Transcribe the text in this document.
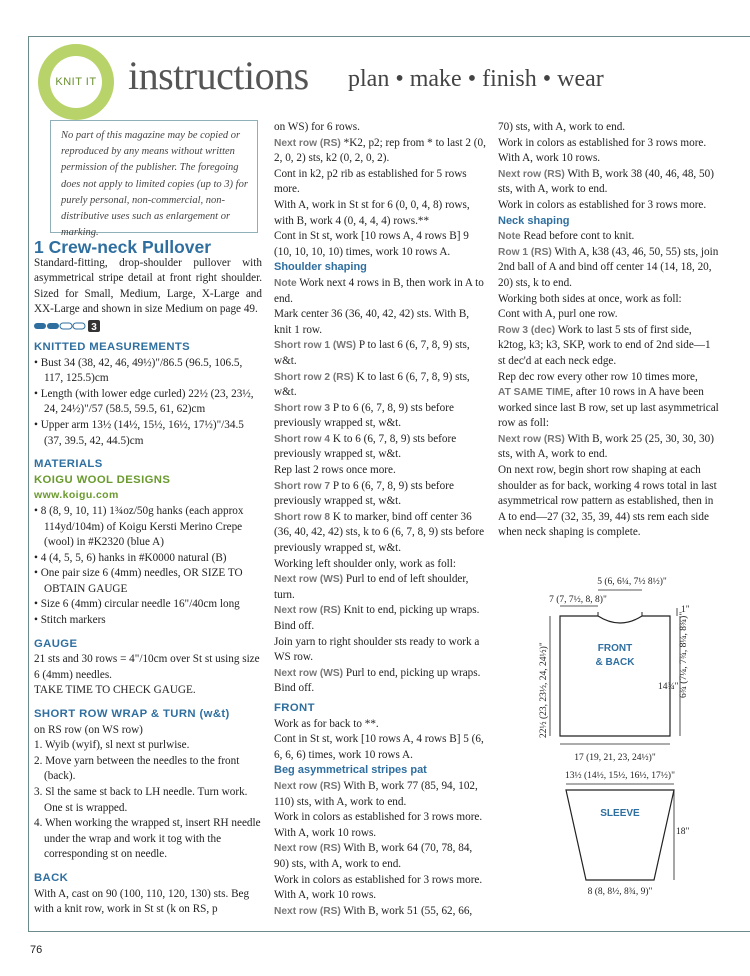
KNIT IT instructions plan • make • finish • wear
No part of this magazine may be copied or reproduced by any means without written permission of the publisher. The foregoing does not apply to limited copies (up to 3) for purely personal, non-commercial, non-distributive uses such as enlargement or marking.
1 Crew-neck Pullover

Standard-fitting, drop-shoulder pullover with asymmetrical stripe detail at front right shoulder. Sized for Small, Medium, Large, X-Large and XX-Large and shown in size Medium on page 49.

3
KNITTED MEASUREMENTS

• Bust 34 (38, 42, 46, 49½)"/86.5 (96.5, 106.5, 117, 125.5)cm

• Length (with lower edge curled) 22½ (23, 23½, 24, 24½)"/57 (58.5, 59.5, 61, 62)cm

• Upper arm 13½ (14½, 15½, 16½, 17½)"/34.5 (37, 39.5, 42, 44.5)cm

MATERIALS
KOIGU WOOL DESIGNS
www.koigu.com

• 8 (8, 9, 10, 11) 1¾oz/50g hanks (each approx 114yd/104m) of Koigu Kersti Merino Crepe (wool) in #K2320 (blue A)

• 4 (4, 5, 5, 6) hanks in #K0000 natural (B)

• One pair size 6 (4mm) needles, OR SIZE TO OBTAIN GAUGE

• Size 6 (4mm) circular needle 16"/40cm long

• Stitch markers

GAUGE

21 sts and 30 rows = 4"/10cm over St st using size 6 (4mm) needles.

TAKE TIME TO CHECK GAUGE.

SHORT ROW WRAP & TURN (w&t)

on RS row (on WS row)

1. Wyib (wyif), sl next st purlwise.

2. Move yarn between the needles to the front (back).

3. Sl the same st back to LH needle. Turn work. One st is wrapped.

4. When working the wrapped st, insert RH needle under the wrap and work it tog with the corresponding st on needle.

BACK

With A, cast on 90 (100, 110, 120, 130) sts. Beg with a knit row, work in St st (k on RS, p

on WS) for 6 rows.

Next row (RS) *K2, p2; rep from * to last 2 (0, 2, 0, 2) sts, k2 (0, 2, 0, 2).

Cont in k2, p2 rib as established for 5 rows more.

With A, work in St st for 6 (0, 0, 4, 8) rows, with B, work 4 (0, 4, 4, 4) rows.**

Cont in St st, work [10 rows A, 4 rows B] 9 (10, 10, 10, 10) times, work 10 rows A.

Shoulder shaping

Note Work next 4 rows in B, then work in A to end.

Mark center 36 (36, 40, 42, 42) sts. With B, knit 1 row.

Short row 1 (WS) P to last 6 (6, 7, 8, 9) sts, w&t.

Short row 2 (RS) K to last 6 (6, 7, 8, 9) sts, w&t.

Short row 3 P to 6 (6, 7, 8, 9) sts before previously wrapped st, w&t.

Short row 4 K to 6 (6, 7, 8, 9) sts before previously wrapped st, w&t.

Rep last 2 rows once more.

Short row 7 P to 6 (6, 7, 8, 9) sts before previously wrapped st, w&t.

Short row 8 K to marker, bind off center 36 (36, 40, 42, 42) sts, k to 6 (6, 7, 8, 9) sts before previously wrapped st, w&t.

Working left shoulder only, work as foll:

Next row (WS) Purl to end of left shoulder, turn.

Next row (RS) Knit to end, picking up wraps. Bind off.

Join yarn to right shoulder sts ready to work a WS row.

Next row (WS) Purl to end, picking up wraps.

Bind off.

FRONT

Work as for back to **.

Cont in St st, work [10 rows A, 4 rows B] 5 (6, 6, 6, 6) times, work 10 rows A.

Beg asymmetrical stripes pat

Next row (RS) With B, work 77 (85, 94, 102, 110) sts, with A, work to end.

Work in colors as established for 3 rows more. With A, work 10 rows.

Next row (RS) With B, work 64 (70, 78, 84, 90) sts, with A, work to end.

Work in colors as established for 3 rows more. With A, work 10 rows.

Next row (RS) With B, work 51 (55, 62, 66,

70) sts, with A, work to end.

Work in colors as established for 3 rows more. With A, work 10 rows.

Next row (RS) With B, work 38 (40, 46, 48, 50) sts, with A, work to end.

Work in colors as established for 3 rows more.

Neck shaping

Note Read before cont to knit.

Row 1 (RS) With A, k38 (43, 46, 50, 55) sts, join 2nd ball of A and bind off center 14 (14, 18, 20, 20) sts, k to end.

Working both sides at once, work as foll:

Cont with A, purl one row.

Row 3 (dec) Work to last 5 sts of first side, k2tog, k3; k3, SKP, work to end of 2nd side—1 st dec'd at each neck edge.

Rep dec row every other row 10 times more,

AT SAME TIME, after 10 rows in A have been worked since last B row, set up last asymmetrical row as foll:

Next row (RS) With B, work 25 (25, 30, 30, 30) sts, with A, work to end.

On next row, begin short row shaping at each shoulder as for back, working 4 rows total in last asymmetrical row pattern as established, then in A to end—27 (32, 35, 39, 44) sts rem each side when neck shaping is complete.

5 (6, 6¼, 7½ 8½)"
7 (7, 7½, 8, 8)"
1"
22½ (23, 23½, 24, 24½)"	6¾ (7¼, 7¾, 8¼, 8¾)"
14¾"
FRONT
& BACK
17 (19, 21, 23, 24½)"
13½ (14½, 15½, 16½, 17½)"
SLEEVE
18"
8 (8, 8½, 8¾, 9)"
76
